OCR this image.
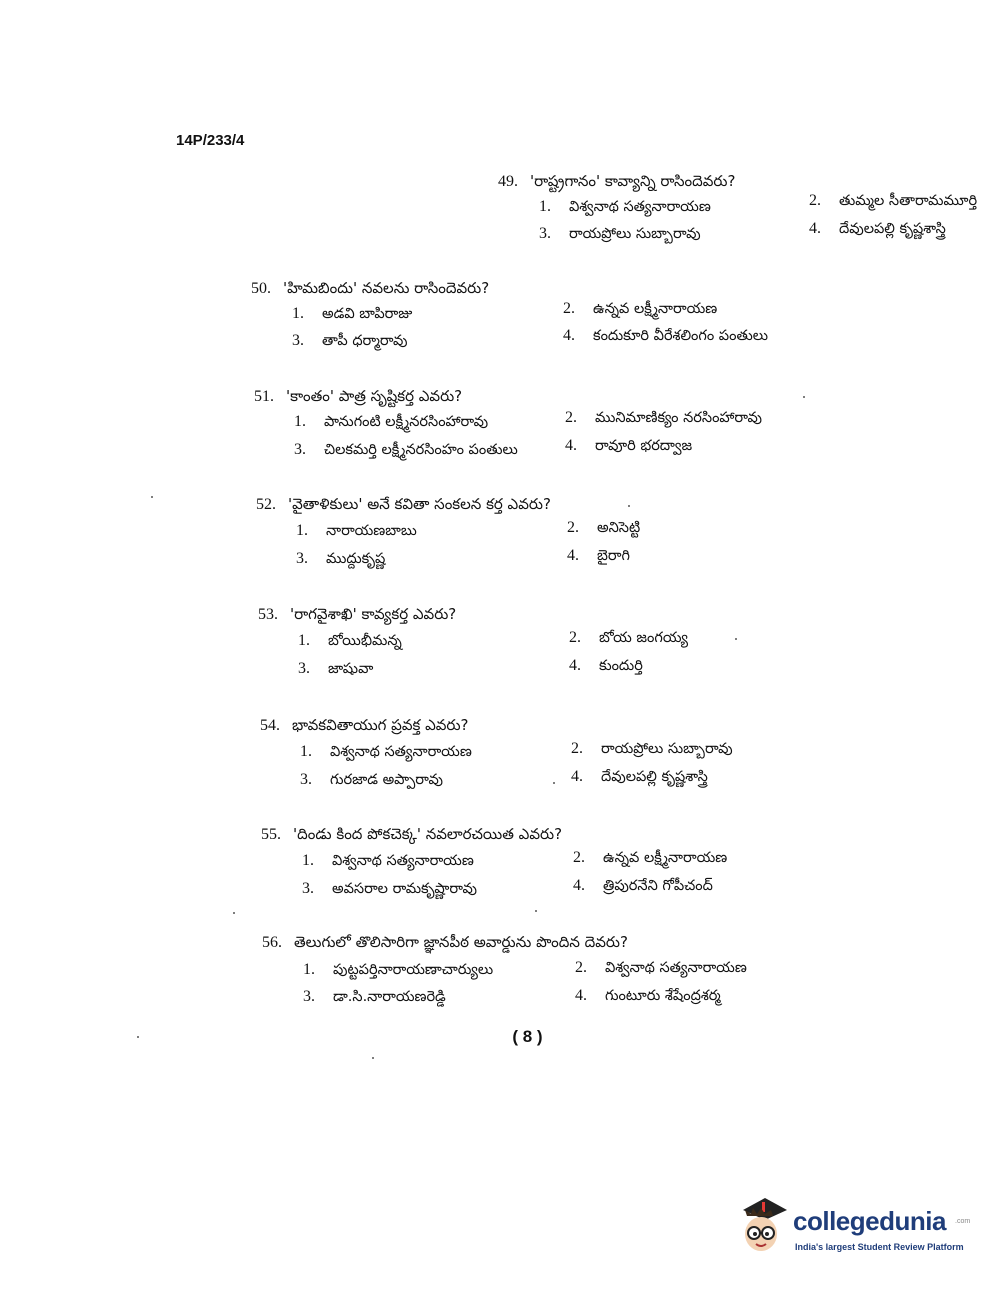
14P/233/4
49. 'రాష్ట్రగానం' కావ్యాన్ని రాసిందెవరు?
1. విశ్వనాథ సత్యనారాయణ	2. తుమ్మల సీతారామమూర్తి
3. రాయప్రోలు సుబ్బారావు	4. దేవులపల్లి కృష్ణశాస్త్రి
50. 'హిమబిందు' నవలను రాసిందెవరు?
1. అడవి బాపిరాజు	2. ఉన్నవ లక్ష్మీనారాయణ
3. తాపీ ధర్మారావు	4. కందుకూరి వీరేశలింగం పంతులు
51. 'కాంతం' పాత్ర సృష్టికర్త ఎవరు?
1. పానుగంటి లక్ష్మీనరసింహారావు	2. మునిమాణిక్యం నరసింహారావు
3. చిలకమర్తి లక్ష్మీనరసింహం పంతులు	4. రావూరి భరద్వాజ
52. 'వైతాళికులు' అనే కవితా సంకలన కర్త ఎవరు?
1. నారాయణబాబు	2. అనిసెట్టి
3. ముద్దుకృష్ణ	4. బైరాగి
53. 'రాగవైశాఖి' కావ్యకర్త ఎవరు?
1. బోయిభీమన్న	2. బోయ జంగయ్య
3. జాషువా	4. కుందుర్తి
54. భావకవితాయుగ ప్రవక్త ఎవరు?
1. విశ్వనాథ సత్యనారాయణ	2. రాయప్రోలు సుబ్బారావు
3. గురజాడ అప్పారావు	4. దేవులపల్లి కృష్ణశాస్త్రి
55. 'దిండు కింద పోకచెక్క' నవలారచయిత ఎవరు?
1. విశ్వనాథ సత్యనారాయణ	2. ఉన్నవ లక్ష్మీనారాయణ
3. అవసరాల రామకృష్ణారావు	4. త్రిపురనేని గోపీచంద్
56. తెలుగులో తొలిసారిగా జ్ఞానపీఠ అవార్డును పొందిన దెవరు?
1. పుట్టపర్తినారాయణాచార్యులు	2. విశ్వనాథ సత్యనారాయణ
3. డా.సి.నారాయణరెడ్డి	4. గుంటూరు శేషేంద్రశర్మ
( 8 )
collegedunia .com
India's largest Student Review Platform
